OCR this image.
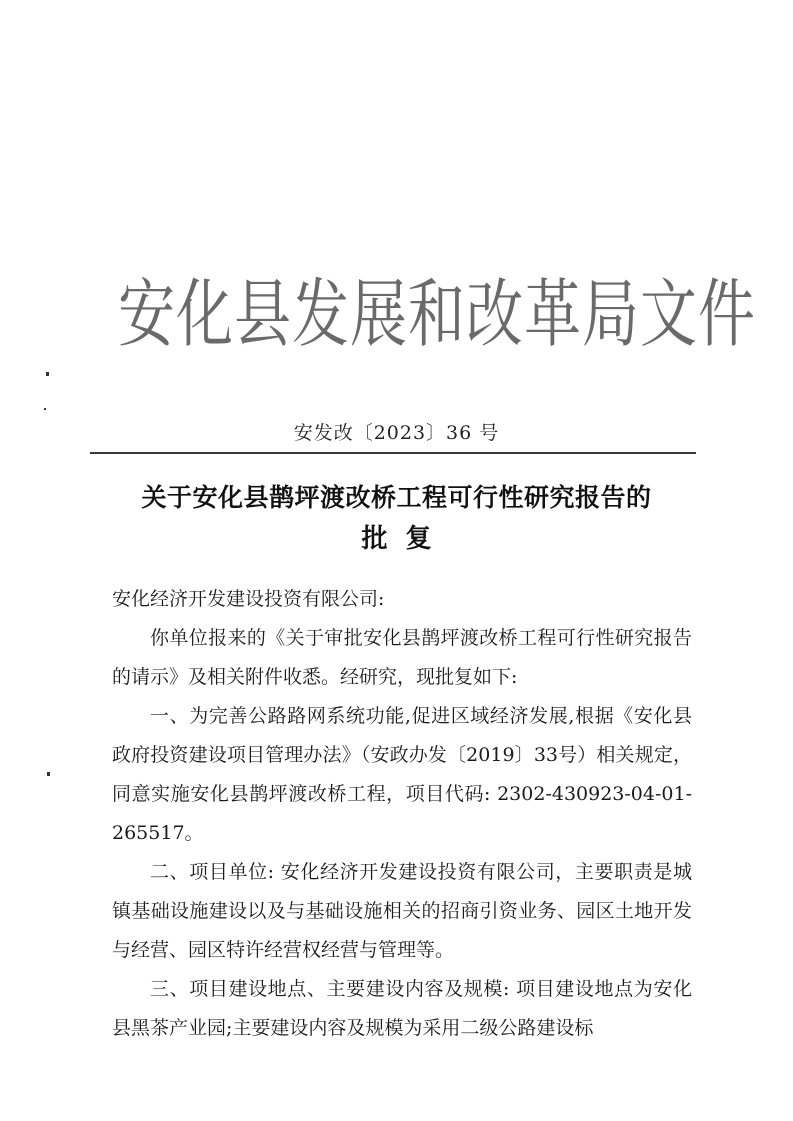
安化县发展和改革局文件
安发改〔2023〕36 号
关于安化县鹊坪渡改桥工程可行性研究报告的
批复

安化经济开发建设投资有限公司:

你单位报来的《关于审批安化县鹊坪渡改桥工程可行性研究报告的请示》及相关附件收悉。经研究，现批复如下:

一、为完善公路路网系统功能,促进区域经济发展,根据《安化县政府投资建设项目管理办法》（安政办发〔2019〕33号）相关规定，同意实施安化县鹊坪渡改桥工程，项目代码: 2302-430923-04-01-265517。

二、项目单位: 安化经济开发建设投资有限公司，主要职责是城镇基础设施建设以及与基础设施相关的招商引资业务、园区土地开发与经营、园区特许经营权经营与管理等。

三、项目建设地点、主要建设内容及规模: 项目建设地点为安化县黑茶产业园;主要建设内容及规模为采用二级公路建设标
